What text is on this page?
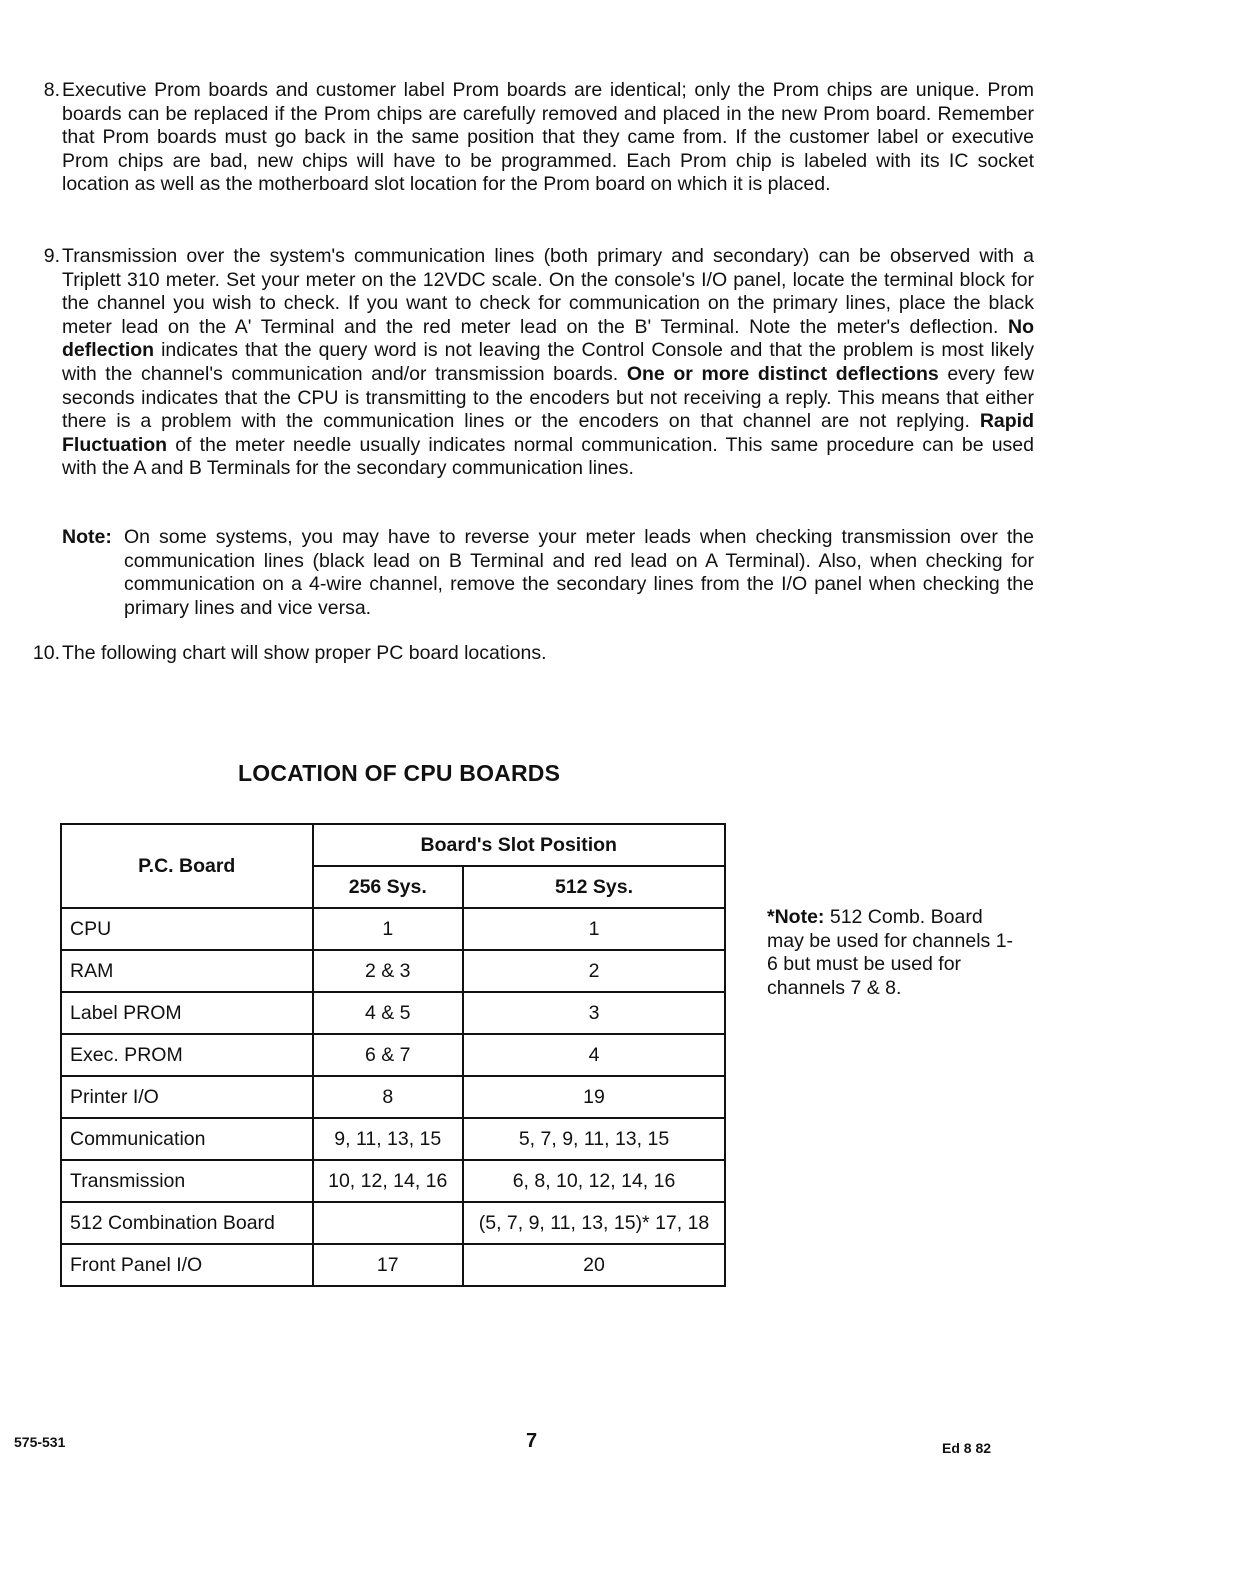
8. Executive Prom boards and customer label Prom boards are identical; only the Prom chips are unique. Prom boards can be replaced if the Prom chips are carefully removed and placed in the new Prom board. Remember that Prom boards must go back in the same position that they came from. If the customer label or executive Prom chips are bad, new chips will have to be programmed. Each Prom chip is labeled with its IC socket location as well as the motherboard slot location for the Prom board on which it is placed.

9. Transmission over the system's communication lines (both primary and secondary) can be observed with a Triplett 310 meter. Set your meter on the 12VDC scale. On the console's I/O panel, locate the terminal block for the channel you wish to check. If you want to check for communication on the primary lines, place the black meter lead on the A' Terminal and the red meter lead on the B' Terminal. Note the meter's deflection. No deflection indicates that the query word is not leaving the Control Console and that the problem is most likely with the channel's communication and/or transmission boards. One or more distinct deflections every few seconds indicates that the CPU is transmitting to the encoders but not receiving a reply. This means that either there is a problem with the communication lines or the encoders on that channel are not replying. Rapid Fluctuation of the meter needle usually indicates normal communication. This same procedure can be used with the A and B Terminals for the secondary communication lines.

Note: On some systems, you may have to reverse your meter leads when checking transmission over the communication lines (black lead on B Terminal and red lead on A Terminal). Also, when checking for communication on a 4-wire channel, remove the secondary lines from the I/O panel when checking the primary lines and vice versa.
10. The following chart will show proper PC board locations.

LOCATION OF CPU BOARDS
P.C. Board	Board's Slot Position	
	256 Sys.	512 Sys.
CPU	1	1
RAM	2 & 3	2
Label PROM	4 & 5	3
Exec. PROM	6 & 7	4
Printer I/O	8	19
Communication	9, 11, 13, 15	5, 7, 9, 11, 13, 15
Transmission	10, 12, 14, 16	6, 8, 10, 12, 14, 16
512 Combination Board		(5, 7, 9, 11, 13, 15)* 17, 18
Front Panel I/O	17	20
*Note: 512 Comb. Board may be used for channels 1-6 but must be used for channels 7 & 8.
575-531	7	Ed 8 82
